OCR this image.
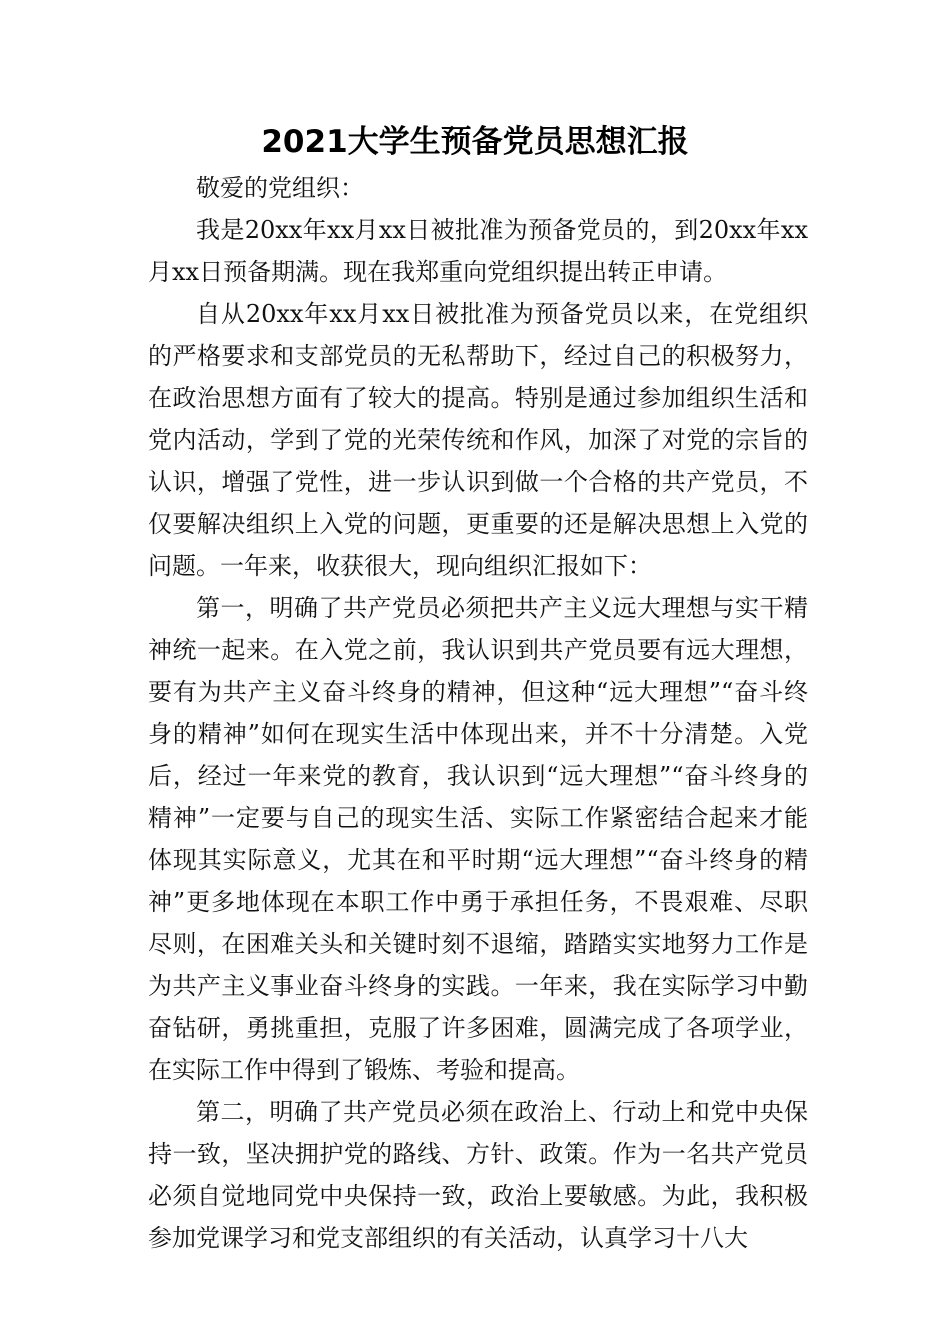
2021大学生预备党员思想汇报

敬爱的党组织：

我是20xx年xx月xx日被批准为预备党员的，到20xx年xx月xx日预备期满。现在我郑重向党组织提出转正申请。

自从20xx年xx月xx日被批准为预备党员以来，在党组织的严格要求和支部党员的无私帮助下，经过自己的积极努力，在政治思想方面有了较大的提高。特别是通过参加组织生活和党内活动，学到了党的光荣传统和作风，加深了对党的宗旨的认识，增强了党性，进一步认识到做一个合格的共产党员，不仅要解决组织上入党的问题，更重要的还是解决思想上入党的问题。一年来，收获很大，现向组织汇报如下：

第一，明确了共产党员必须把共产主义远大理想与实干精神统一起来。在入党之前，我认识到共产党员要有远大理想，要有为共产主义奋斗终身的精神，但这种“远大理想”“奋斗终身的精神”如何在现实生活中体现出来，并不十分清楚。入党后，经过一年来党的教育，我认识到“远大理想”“奋斗终身的精神”一定要与自己的现实生活、实际工作紧密结合起来才能体现其实际意义，尤其在和平时期“远大理想”“奋斗终身的精神”更多地体现在本职工作中勇于承担任务，不畏艰难、尽职尽则，在困难关头和关键时刻不退缩，踏踏实实地努力工作是为共产主义事业奋斗终身的实践。一年来，我在实际学习中勤奋钻研，勇挑重担，克服了许多困难，圆满完成了各项学业，在实际工作中得到了锻炼、考验和提高。

第二，明确了共产党员必须在政治上、行动上和党中央保持一致，坚决拥护党的路线、方针、政策。作为一名共产党员必须自觉地同党中央保持一致，政治上要敏感。为此，我积极参加党课学习和党支部组织的有关活动，认真学习十八大
